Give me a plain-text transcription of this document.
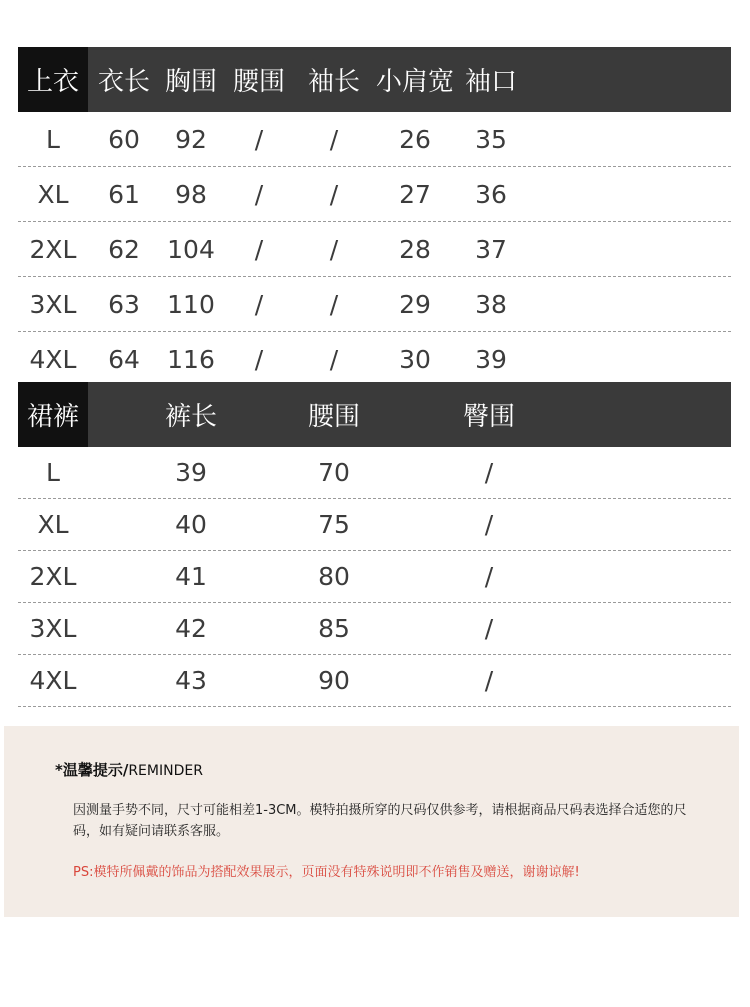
上衣 衣长 胸围 腰围 袖长 小肩宽 袖口
L	60	92	/	/	26	35
XL	61	98	/	/	27	36
2XL	62	104	/	/	28	37
3XL	63	110	/	/	29	38
4XL	64	116	/	/	30	39
裙裤	裤长	腰围	臀围
L	39	70	/
XL	40	75	/
2XL	41	80	/
3XL	42	85	/
4XL	43	90	/
*温馨提示/REMINDER
因测量手势不同，尺寸可能相差1-3CM。模特拍摄所穿的尺码仅供参考，请根据商品尺码表选择合适您的尺码，如有疑问请联系客服。
PS:模特所佩戴的饰品为搭配效果展示，页面没有特殊说明即不作销售及赠送，谢谢谅解!
